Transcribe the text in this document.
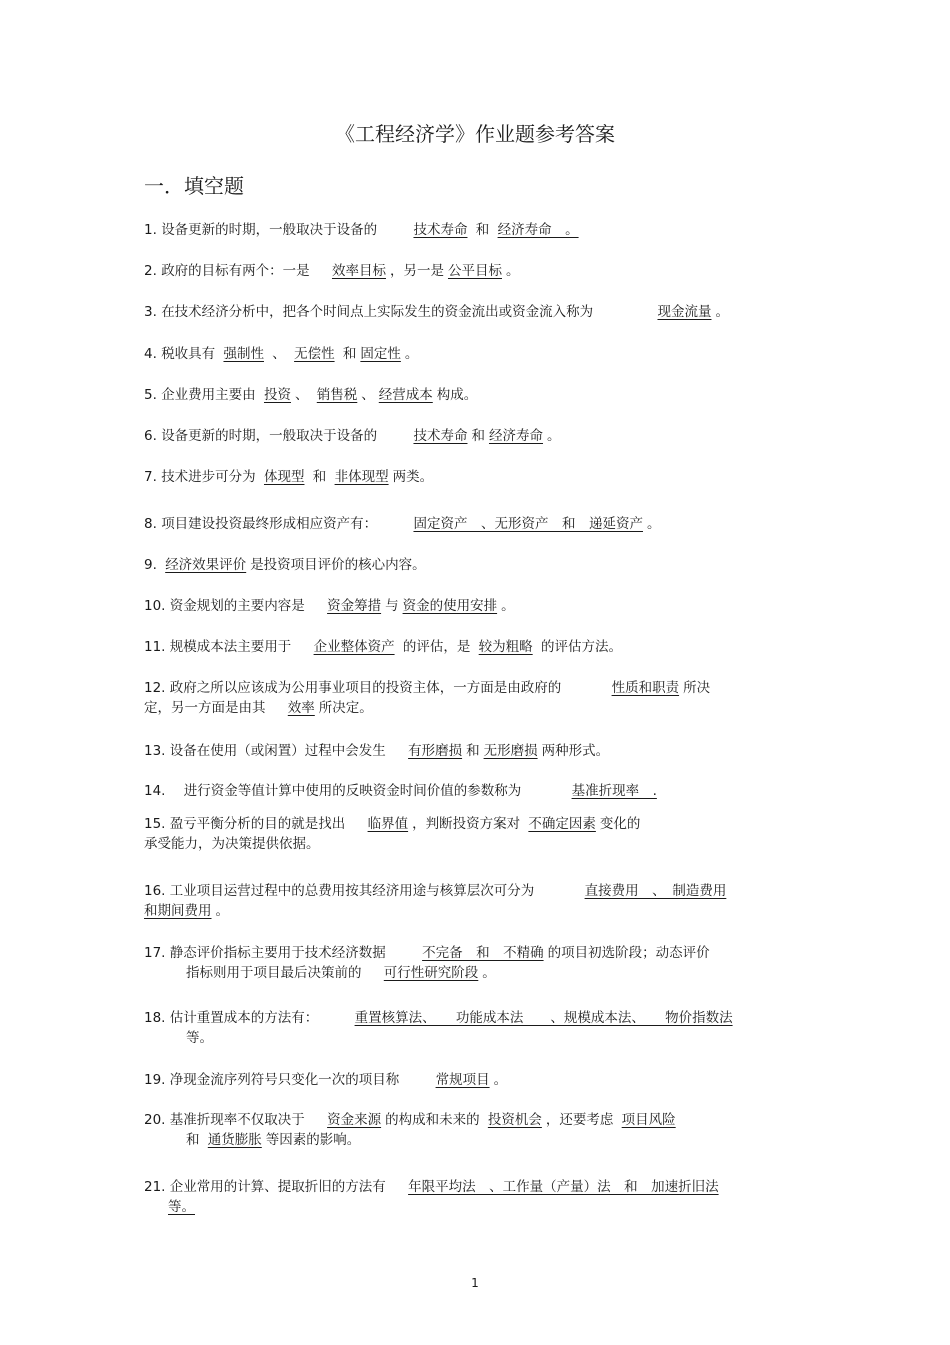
《工程经济学》作业题参考答案
一．填空题
1. 设备更新的时期，一般取决于设备的	技术寿命 和 经济寿命　。
2. 政府的目标有两个：一是 效率目标 ，另一是 公平目标 。
3. 在技术经济分析中，把各个时间点上实际发生的资金流出或资金流入称为	现金流量 。
4. 税收具有 强制性 、 无偿性 和 固定性 。
5. 企业费用主要由 投资 、 销售税 、 经营成本 构成。
6. 设备更新的时期，一般取决于设备的	技术寿命 和 经济寿命 。
7. 技术进步可分为 体现型 和 非体现型 两类。
8. 项目建设投资最终形成相应资产有：	固定资产　、无形资产　和　递延资产 。
9. 经济效果评价 是投资项目评价的核心内容。
10. 资金规划的主要内容是 资金筹措 与 资金的使用安排 。
11. 规模成本法主要用于 企业整体资产 的评估，是 较为粗略 的评估方法。
12. 政府之所以应该成为公用事业项目的投资主体，一方面是由政府的	性质和职责 所决
定，另一方面是由其 效率 所决定。
13. 设备在使用（或闲置）过程中会发生 有形磨损 和 无形磨损 两种形式。
14. 进行资金等值计算中使用的反映资金时间价值的参数称为	基准折现率　.
15. 盈亏平衡分析的目的就是找出 临界值 ，判断投资方案对 不确定因素 变化的
承受能力，为决策提供依据。
16. 工业项目运营过程中的总费用按其经济用途与核算层次可分为	直接费用　、　制造费用
和期间费用 。
17. 静态评价指标主要用于技术经济数据	不完备　和　不精确 的项目初选阶段；动态评价
指标则用于项目最后决策前的 可行性研究阶段 。
18. 估计重置成本的方法有：	重置核算法、　　功能成本法　　、规模成本法、　　物价指数法
等。
19. 净现金流序列符号只变化一次的项目称	常规项目 。
20. 基准折现率不仅取决于 资金来源 的构成和未来的 投资机会 ，还要考虑 项目风险
和 通货膨胀 等因素的影响。
21. 企业常用的计算、提取折旧的方法有 年限平均法　、工作量（产量）法　和　加速折旧法
等。
1
